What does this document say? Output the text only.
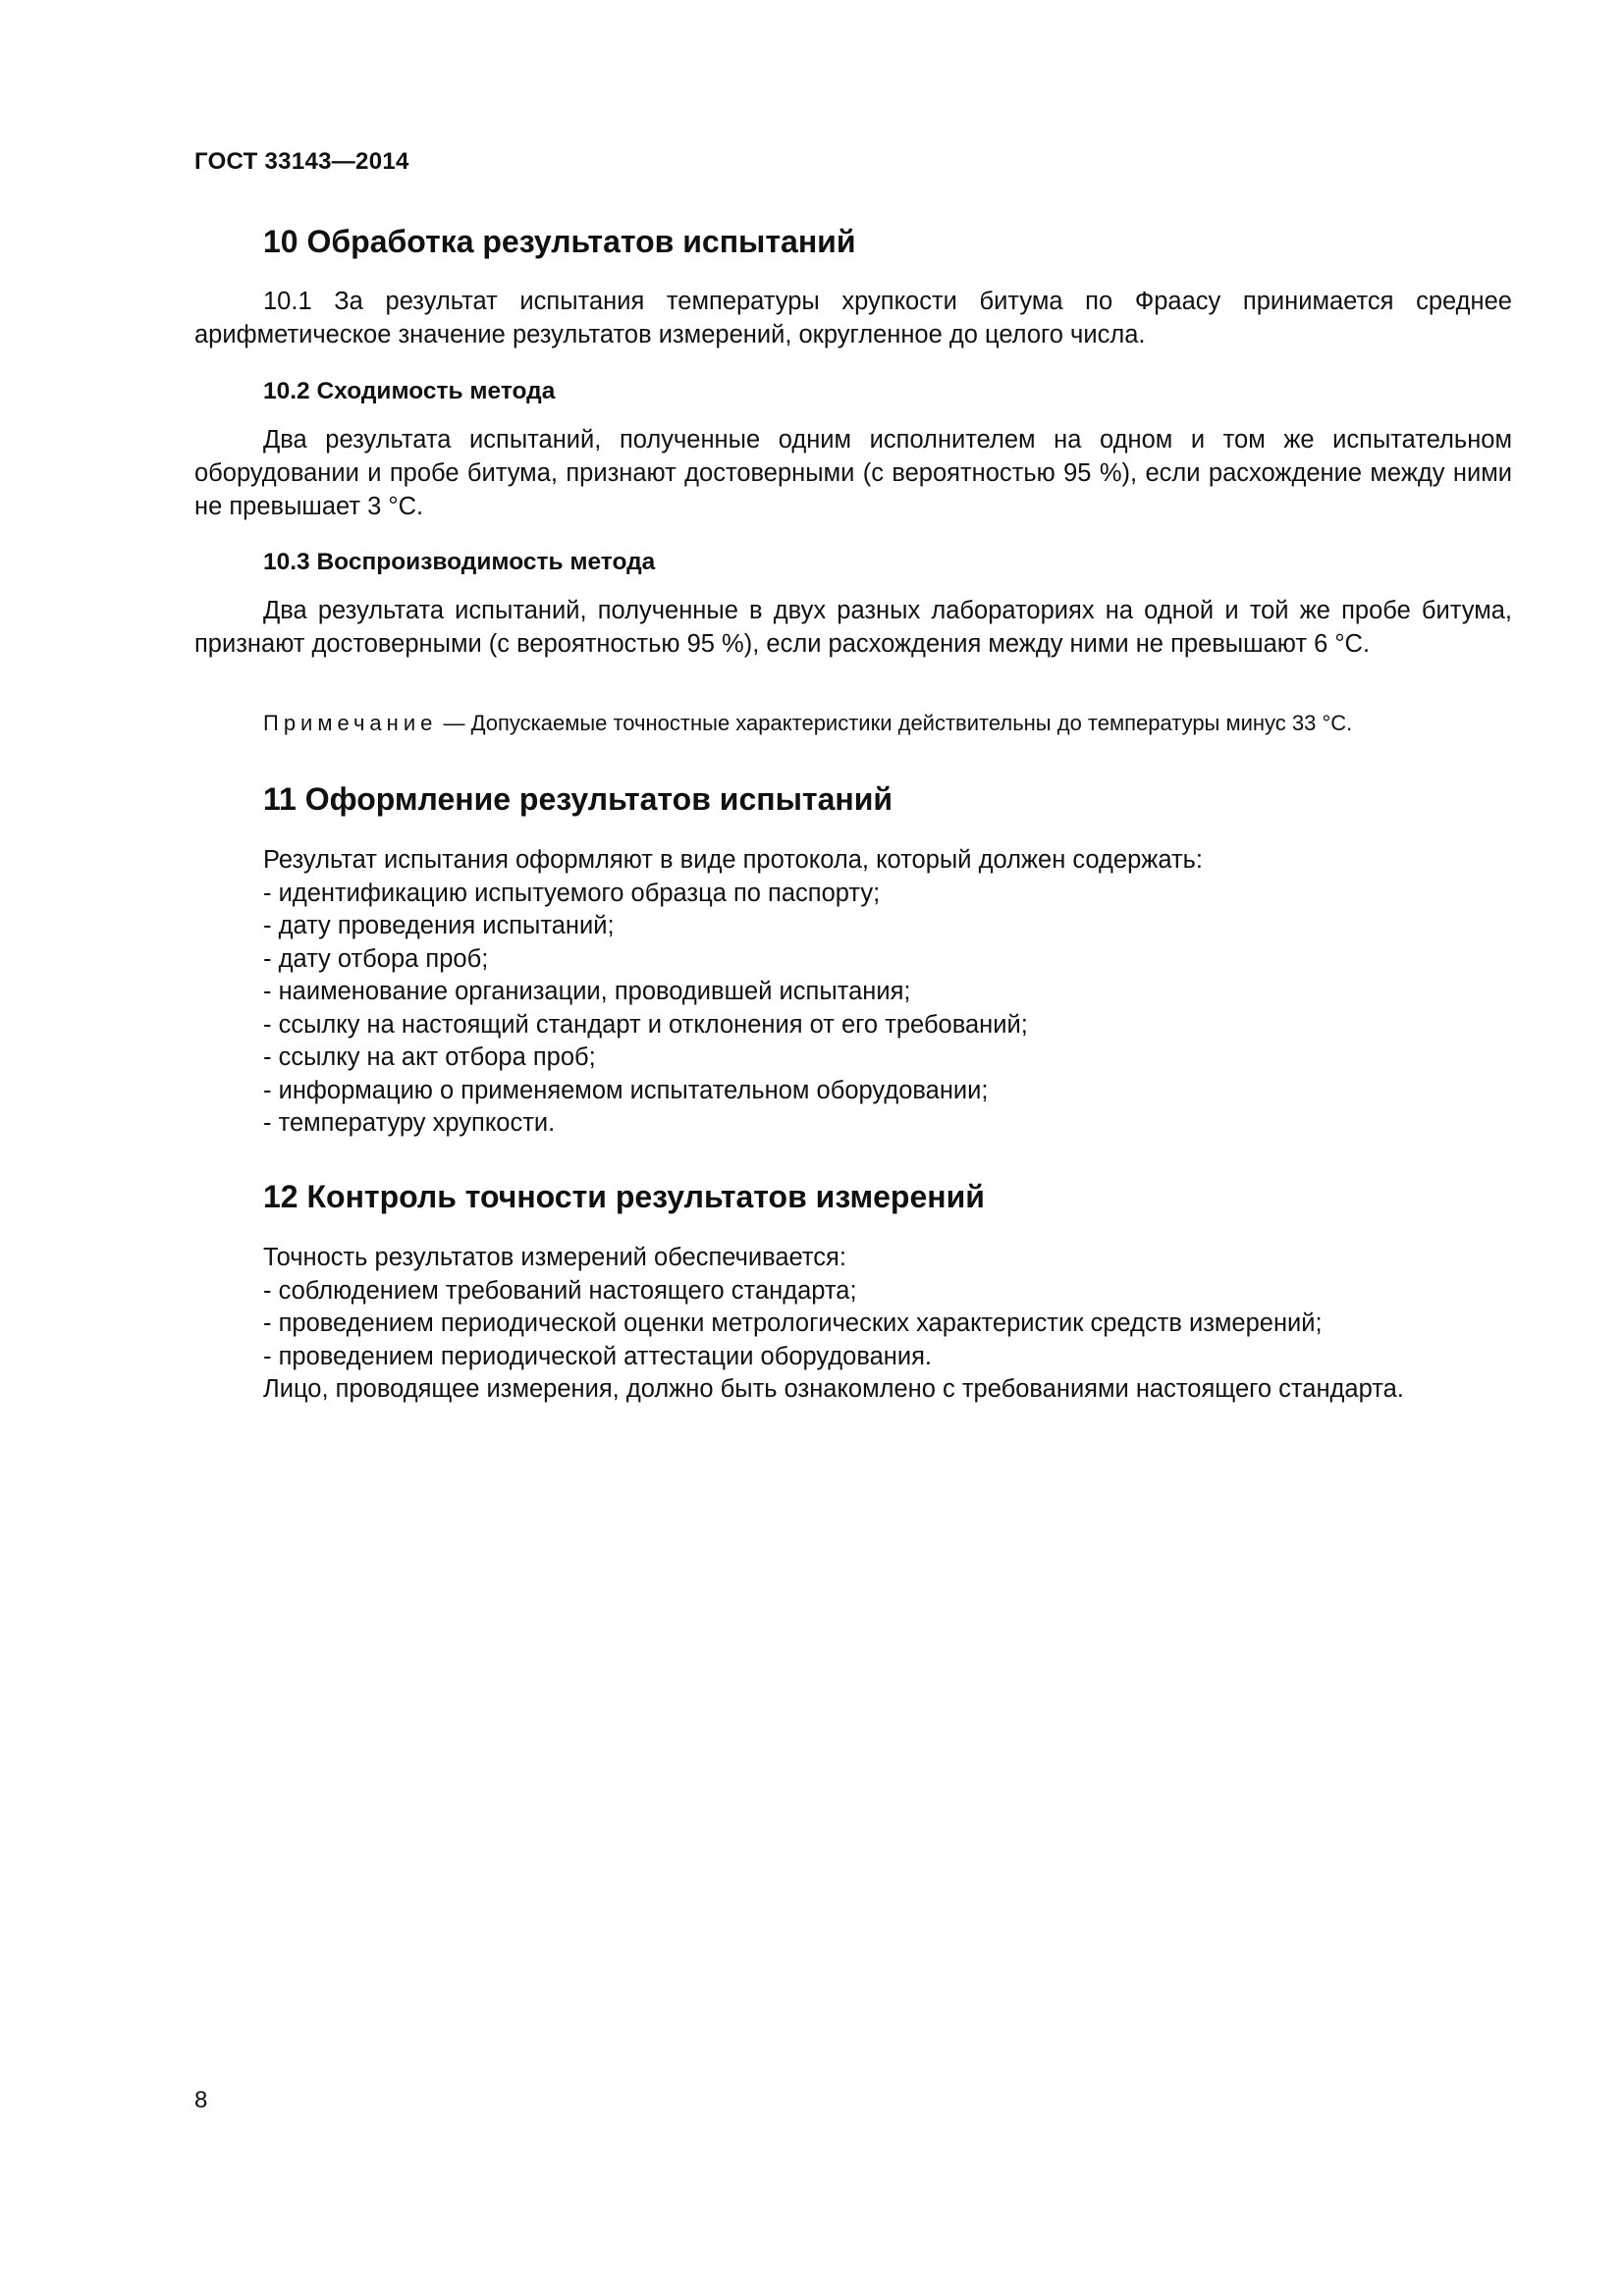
ГОСТ 33143—2014
10 Обработка результатов испытаний
10.1 За результат испытания температуры хрупкости битума по Фраасу принимается среднее арифметическое значение результатов измерений, округленное до целого числа.
10.2 Сходимость метода
Два результата испытаний, полученные одним исполнителем на одном и том же испытательном оборудовании и пробе битума, признают достоверными (с вероятностью 95 %), если расхождение между ними не превышает 3 °С.
10.3 Воспроизводимость метода
Два результата испытаний, полученные в двух разных лабораториях на одной и той же пробе битума, признают достоверными (с вероятностью 95 %), если расхождения между ними не превышают 6 °С.
Примечание — Допускаемые точностные характеристики действительны до температуры минус 33 °С.
11 Оформление результатов испытаний
Результат испытания оформляют в виде протокола, который должен содержать:
- идентификацию испытуемого образца по паспорту;
- дату проведения испытаний;
- дату отбора проб;
- наименование организации, проводившей испытания;
- ссылку на настоящий стандарт и отклонения от его требований;
- ссылку на акт отбора проб;
- информацию о применяемом испытательном оборудовании;
- температуру хрупкости.
12 Контроль точности результатов измерений
Точность результатов измерений обеспечивается:
- соблюдением требований настоящего стандарта;
- проведением периодической оценки метрологических характеристик средств измерений;
- проведением периодической аттестации оборудования.
Лицо, проводящее измерения, должно быть ознакомлено с требованиями настоящего стандарта.
8
